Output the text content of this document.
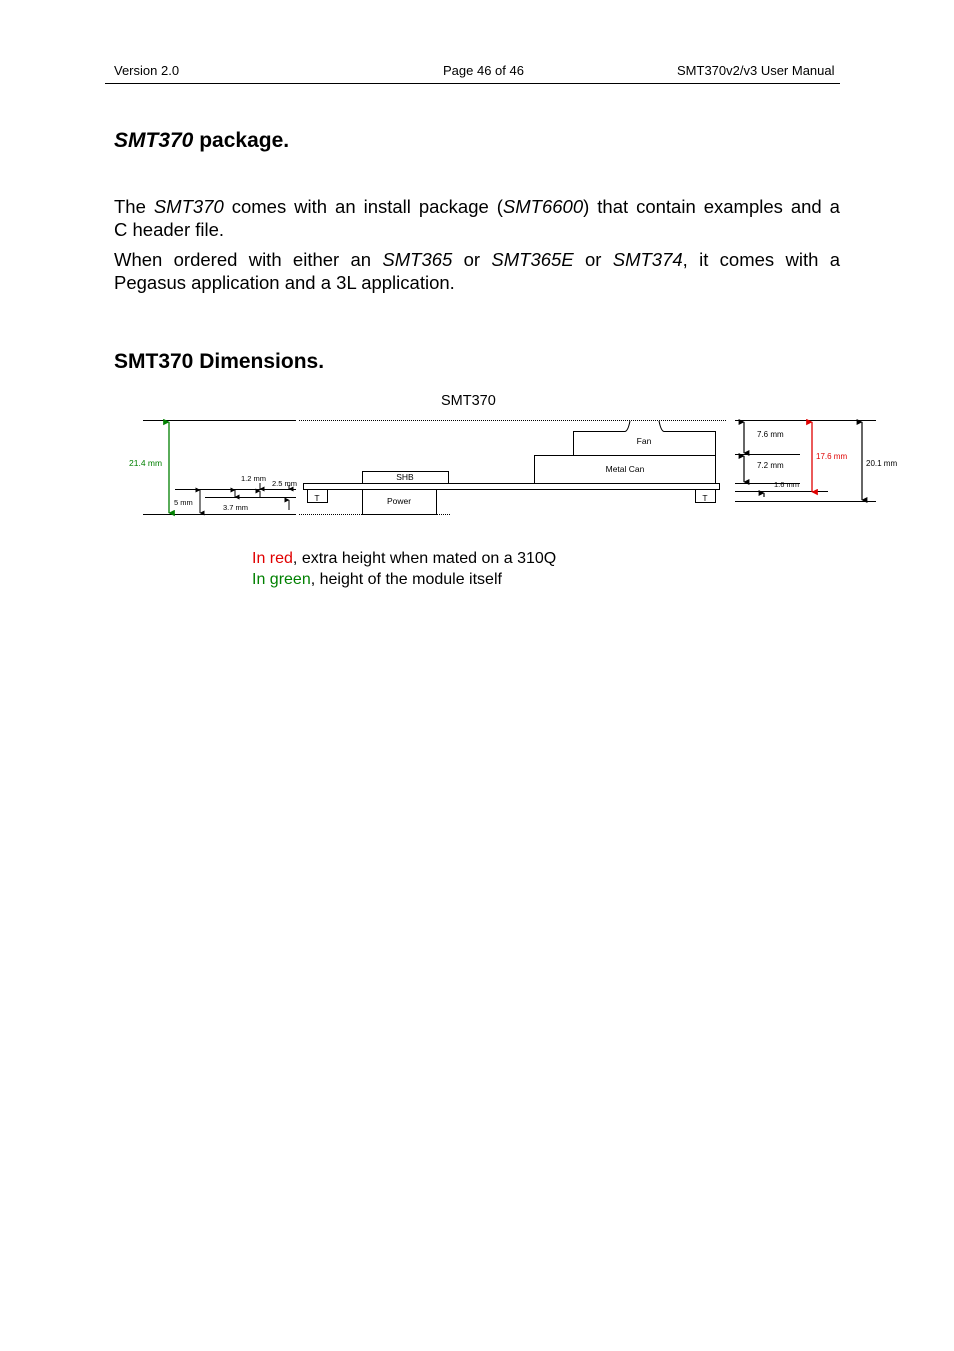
Version 2.0	Page 46 of 46	SMT370v2/v3 User Manual
SMT370 package.
The SMT370 comes with an install package (SMT6600) that contain examples and a
C header file.
When ordered with either an SMT365 or SMT365E or SMT374, it comes with a
Pegasus application and a 3L application.
SMT370 Dimensions.
SMT370
Fan
Metal Can
SHB
Power
T	T
21.4 mm
5 mm
3.7 mm
1.2 mm
2.5 mm
7.6 mm
7.2 mm
1.6 mm
17.6 mm
20.1 mm
In red, extra height when mated on a 310Q
In green, height of the module itself
